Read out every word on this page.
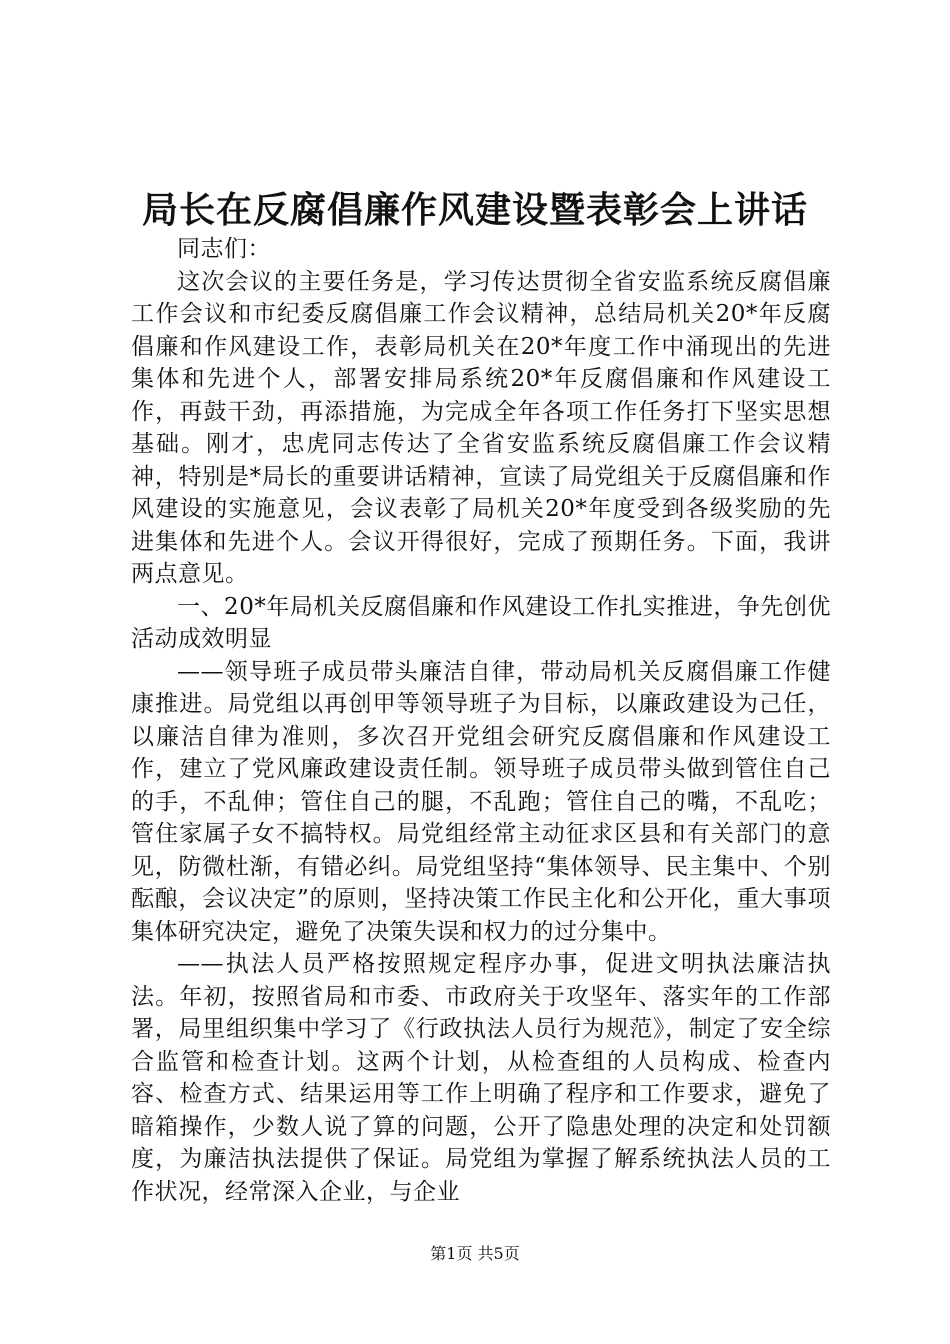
局长在反腐倡廉作风建设暨表彰会上讲话

同志们：

这次会议的主要任务是，学习传达贯彻全省安监系统反腐倡廉工作会议和市纪委反腐倡廉工作会议精神，总结局机关20*年反腐倡廉和作风建设工作，表彰局机关在20*年度工作中涌现出的先进集体和先进个人，部署安排局系统20*年反腐倡廉和作风建设工作，再鼓干劲，再添措施，为完成全年各项工作任务打下坚实思想基础。刚才，忠虎同志传达了全省安监系统反腐倡廉工作会议精神，特别是*局长的重要讲话精神，宣读了局党组关于反腐倡廉和作风建设的实施意见，会议表彰了局机关20*年度受到各级奖励的先进集体和先进个人。会议开得很好，完成了预期任务。下面，我讲两点意见。

一、20*年局机关反腐倡廉和作风建设工作扎实推进，争先创优活动成效明显

——领导班子成员带头廉洁自律，带动局机关反腐倡廉工作健康推进。局党组以再创甲等领导班子为目标，以廉政建设为己任，以廉洁自律为准则，多次召开党组会研究反腐倡廉和作风建设工作，建立了党风廉政建设责任制。领导班子成员带头做到管住自己的手，不乱伸；管住自己的腿，不乱跑；管住自己的嘴，不乱吃；管住家属子女不搞特权。局党组经常主动征求区县和有关部门的意见，防微杜渐，有错必纠。局党组坚持“集体领导、民主集中、个别酝酿，会议决定”的原则，坚持决策工作民主化和公开化，重大事项集体研究决定，避免了决策失误和权力的过分集中。

——执法人员严格按照规定程序办事，促进文明执法廉洁执法。年初，按照省局和市委、市政府关于攻坚年、落实年的工作部署，局里组织集中学习了《行政执法人员行为规范》，制定了安全综合监管和检查计划。这两个计划，从检查组的人员构成、检查内容、检查方式、结果运用等工作上明确了程序和工作要求，避免了暗箱操作，少数人说了算的问题，公开了隐患处理的决定和处罚额度，为廉洁执法提供了保证。局党组为掌握了解系统执法人员的工作状况，经常深入企业，与企业

第1页 共5页
